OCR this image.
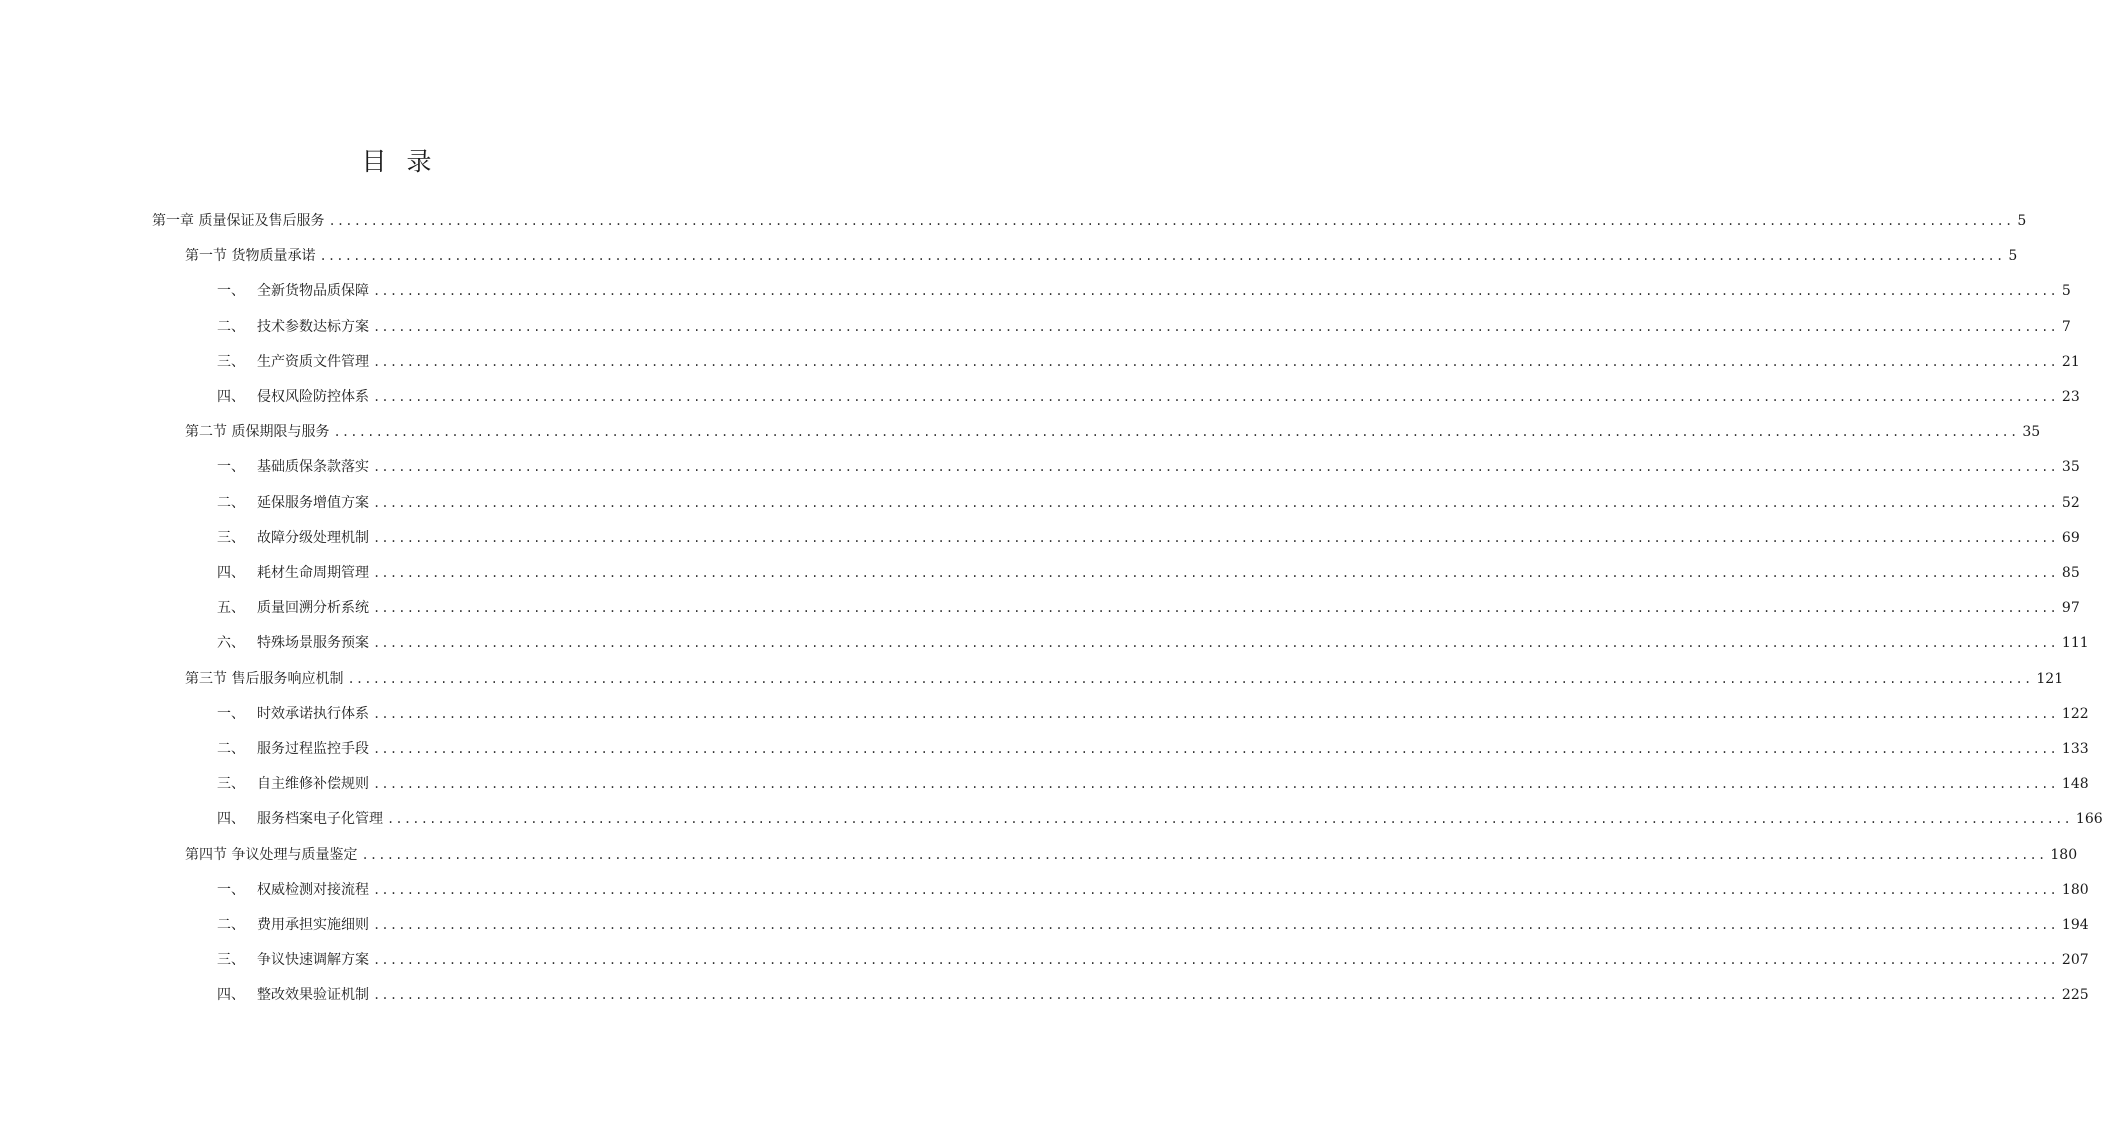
目录
第一章 质量保证及售后服务 ........................................................................................................................................................................................................ 5
第一节 货物质量承诺 ........................................................................................................................................................................................................ 5
一、 全新货物品质保障 ........................................................................................................................................................................................................ 5
二、 技术参数达标方案 ........................................................................................................................................................................................................ 7
三、 生产资质文件管理 ........................................................................................................................................................................................................ 21
四、 侵权风险防控体系 ........................................................................................................................................................................................................ 23
第二节 质保期限与服务 ........................................................................................................................................................................................................ 35
一、 基础质保条款落实 ........................................................................................................................................................................................................ 35
二、 延保服务增值方案 ........................................................................................................................................................................................................ 52
三、 故障分级处理机制 ........................................................................................................................................................................................................ 69
四、 耗材生命周期管理 ........................................................................................................................................................................................................ 85
五、 质量回溯分析系统 ........................................................................................................................................................................................................ 97
六、 特殊场景服务预案 ........................................................................................................................................................................................................ 111
第三节 售后服务响应机制 ........................................................................................................................................................................................................ 121
一、 时效承诺执行体系 ........................................................................................................................................................................................................ 122
二、 服务过程监控手段 ........................................................................................................................................................................................................ 133
三、 自主维修补偿规则 ........................................................................................................................................................................................................ 148
四、 服务档案电子化管理 ........................................................................................................................................................................................................ 166
第四节 争议处理与质量鉴定 ........................................................................................................................................................................................................ 180
一、 权威检测对接流程 ........................................................................................................................................................................................................ 180
二、 费用承担实施细则 ........................................................................................................................................................................................................ 194
三、 争议快速调解方案 ........................................................................................................................................................................................................ 207
四、 整改效果验证机制 ........................................................................................................................................................................................................ 225
